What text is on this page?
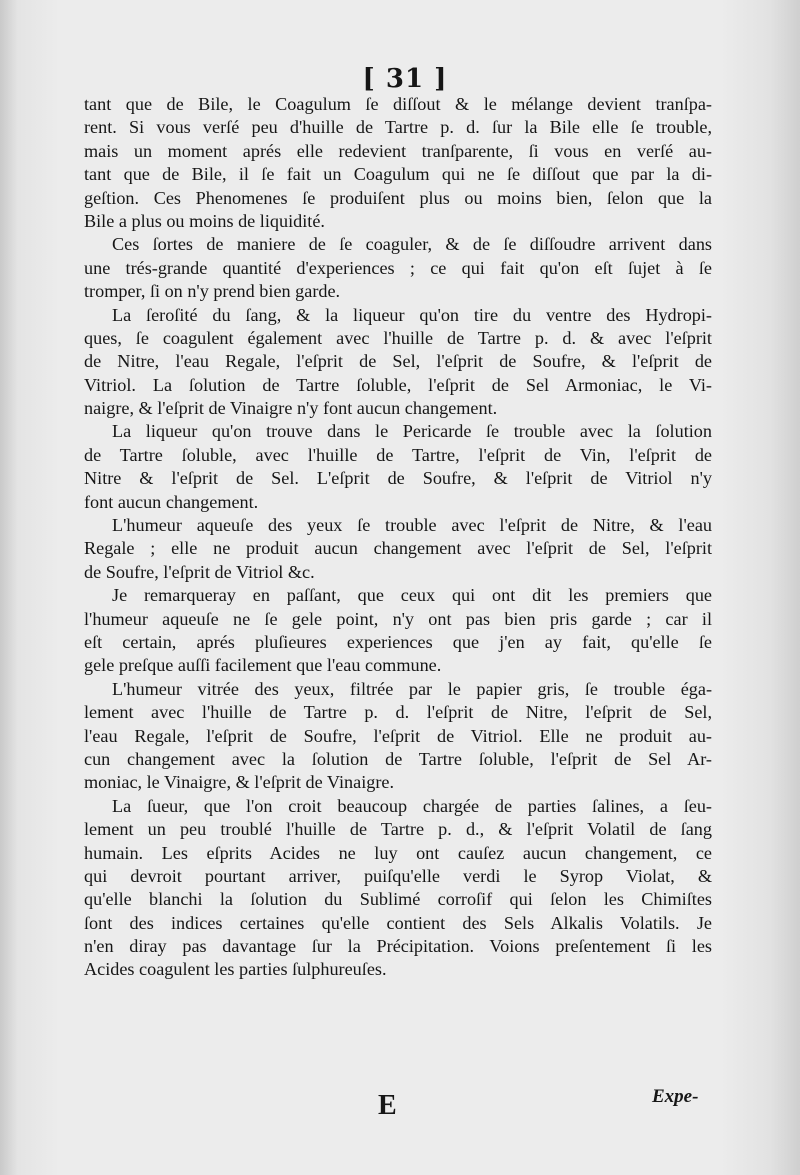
[ 31 ]
tant que de Bile, le Coagulum ſe diſſout & le mélange devient tranſpa-
rent. Si vous verſé peu d'huille de Tartre p. d. ſur la Bile elle ſe trouble,
mais un moment aprés elle redevient tranſparente, ſi vous en verſé au-
tant que de Bile, il ſe fait un Coagulum qui ne ſe diſſout que par la di-
geſtion. Ces Phenomenes ſe produiſent plus ou moins bien, ſelon que la
Bile a plus ou moins de liquidité.
Ces ſortes de maniere de ſe coaguler, & de ſe diſſoudre arrivent dans
une trés-grande quantité d'experiences ; ce qui fait qu'on eſt ſujet à ſe
tromper, ſi on n'y prend bien garde.
La ſeroſité du ſang, & la liqueur qu'on tire du ventre des Hydropi-
ques, ſe coagulent également avec l'huille de Tartre p. d. & avec l'eſprit
de Nitre, l'eau Regale, l'eſprit de Sel, l'eſprit de Soufre, & l'eſprit de
Vitriol. La ſolution de Tartre ſoluble, l'eſprit de Sel Armoniac, le Vi-
naigre, & l'eſprit de Vinaigre n'y font aucun changement.
La liqueur qu'on trouve dans le Pericarde ſe trouble avec la ſolution
de Tartre ſoluble, avec l'huille de Tartre, l'eſprit de Vin, l'eſprit de
Nitre & l'eſprit de Sel. L'eſprit de Soufre, & l'eſprit de Vitriol n'y
font aucun changement.
L'humeur aqueuſe des yeux ſe trouble avec l'eſprit de Nitre, & l'eau
Regale ; elle ne produit aucun changement avec l'eſprit de Sel, l'eſprit
de Soufre, l'eſprit de Vitriol &c.
Je remarqueray en paſſant, que ceux qui ont dit les premiers que
l'humeur aqueuſe ne ſe gele point, n'y ont pas bien pris garde ; car il
eſt certain, aprés pluſieures experiences que j'en ay fait, qu'elle ſe
gele preſque auſſi facilement que l'eau commune.
L'humeur vitrée des yeux, filtrée par le papier gris, ſe trouble éga-
lement avec l'huille de Tartre p. d. l'eſprit de Nitre, l'eſprit de Sel,
l'eau Regale, l'eſprit de Soufre, l'eſprit de Vitriol. Elle ne produit au-
cun changement avec la ſolution de Tartre ſoluble, l'eſprit de Sel Ar-
moniac, le Vinaigre, & l'eſprit de Vinaigre.
La ſueur, que l'on croit beaucoup chargée de parties ſalines, a ſeu-
lement un peu troublé l'huille de Tartre p. d., & l'eſprit Volatil de ſang
humain. Les eſprits Acides ne luy ont cauſez aucun changement, ce
qui devroit pourtant arriver, puiſqu'elle verdi le Syrop Violat, &
qu'elle blanchi la ſolution du Sublimé corroſif qui ſelon les Chimiſtes
ſont des indices certaines qu'elle contient des Sels Alkalis Volatils. Je
n'en diray pas davantage ſur la Précipitation. Voions preſentement ſi les
Acides coagulent les parties ſulphureuſes.
E	Expe-
